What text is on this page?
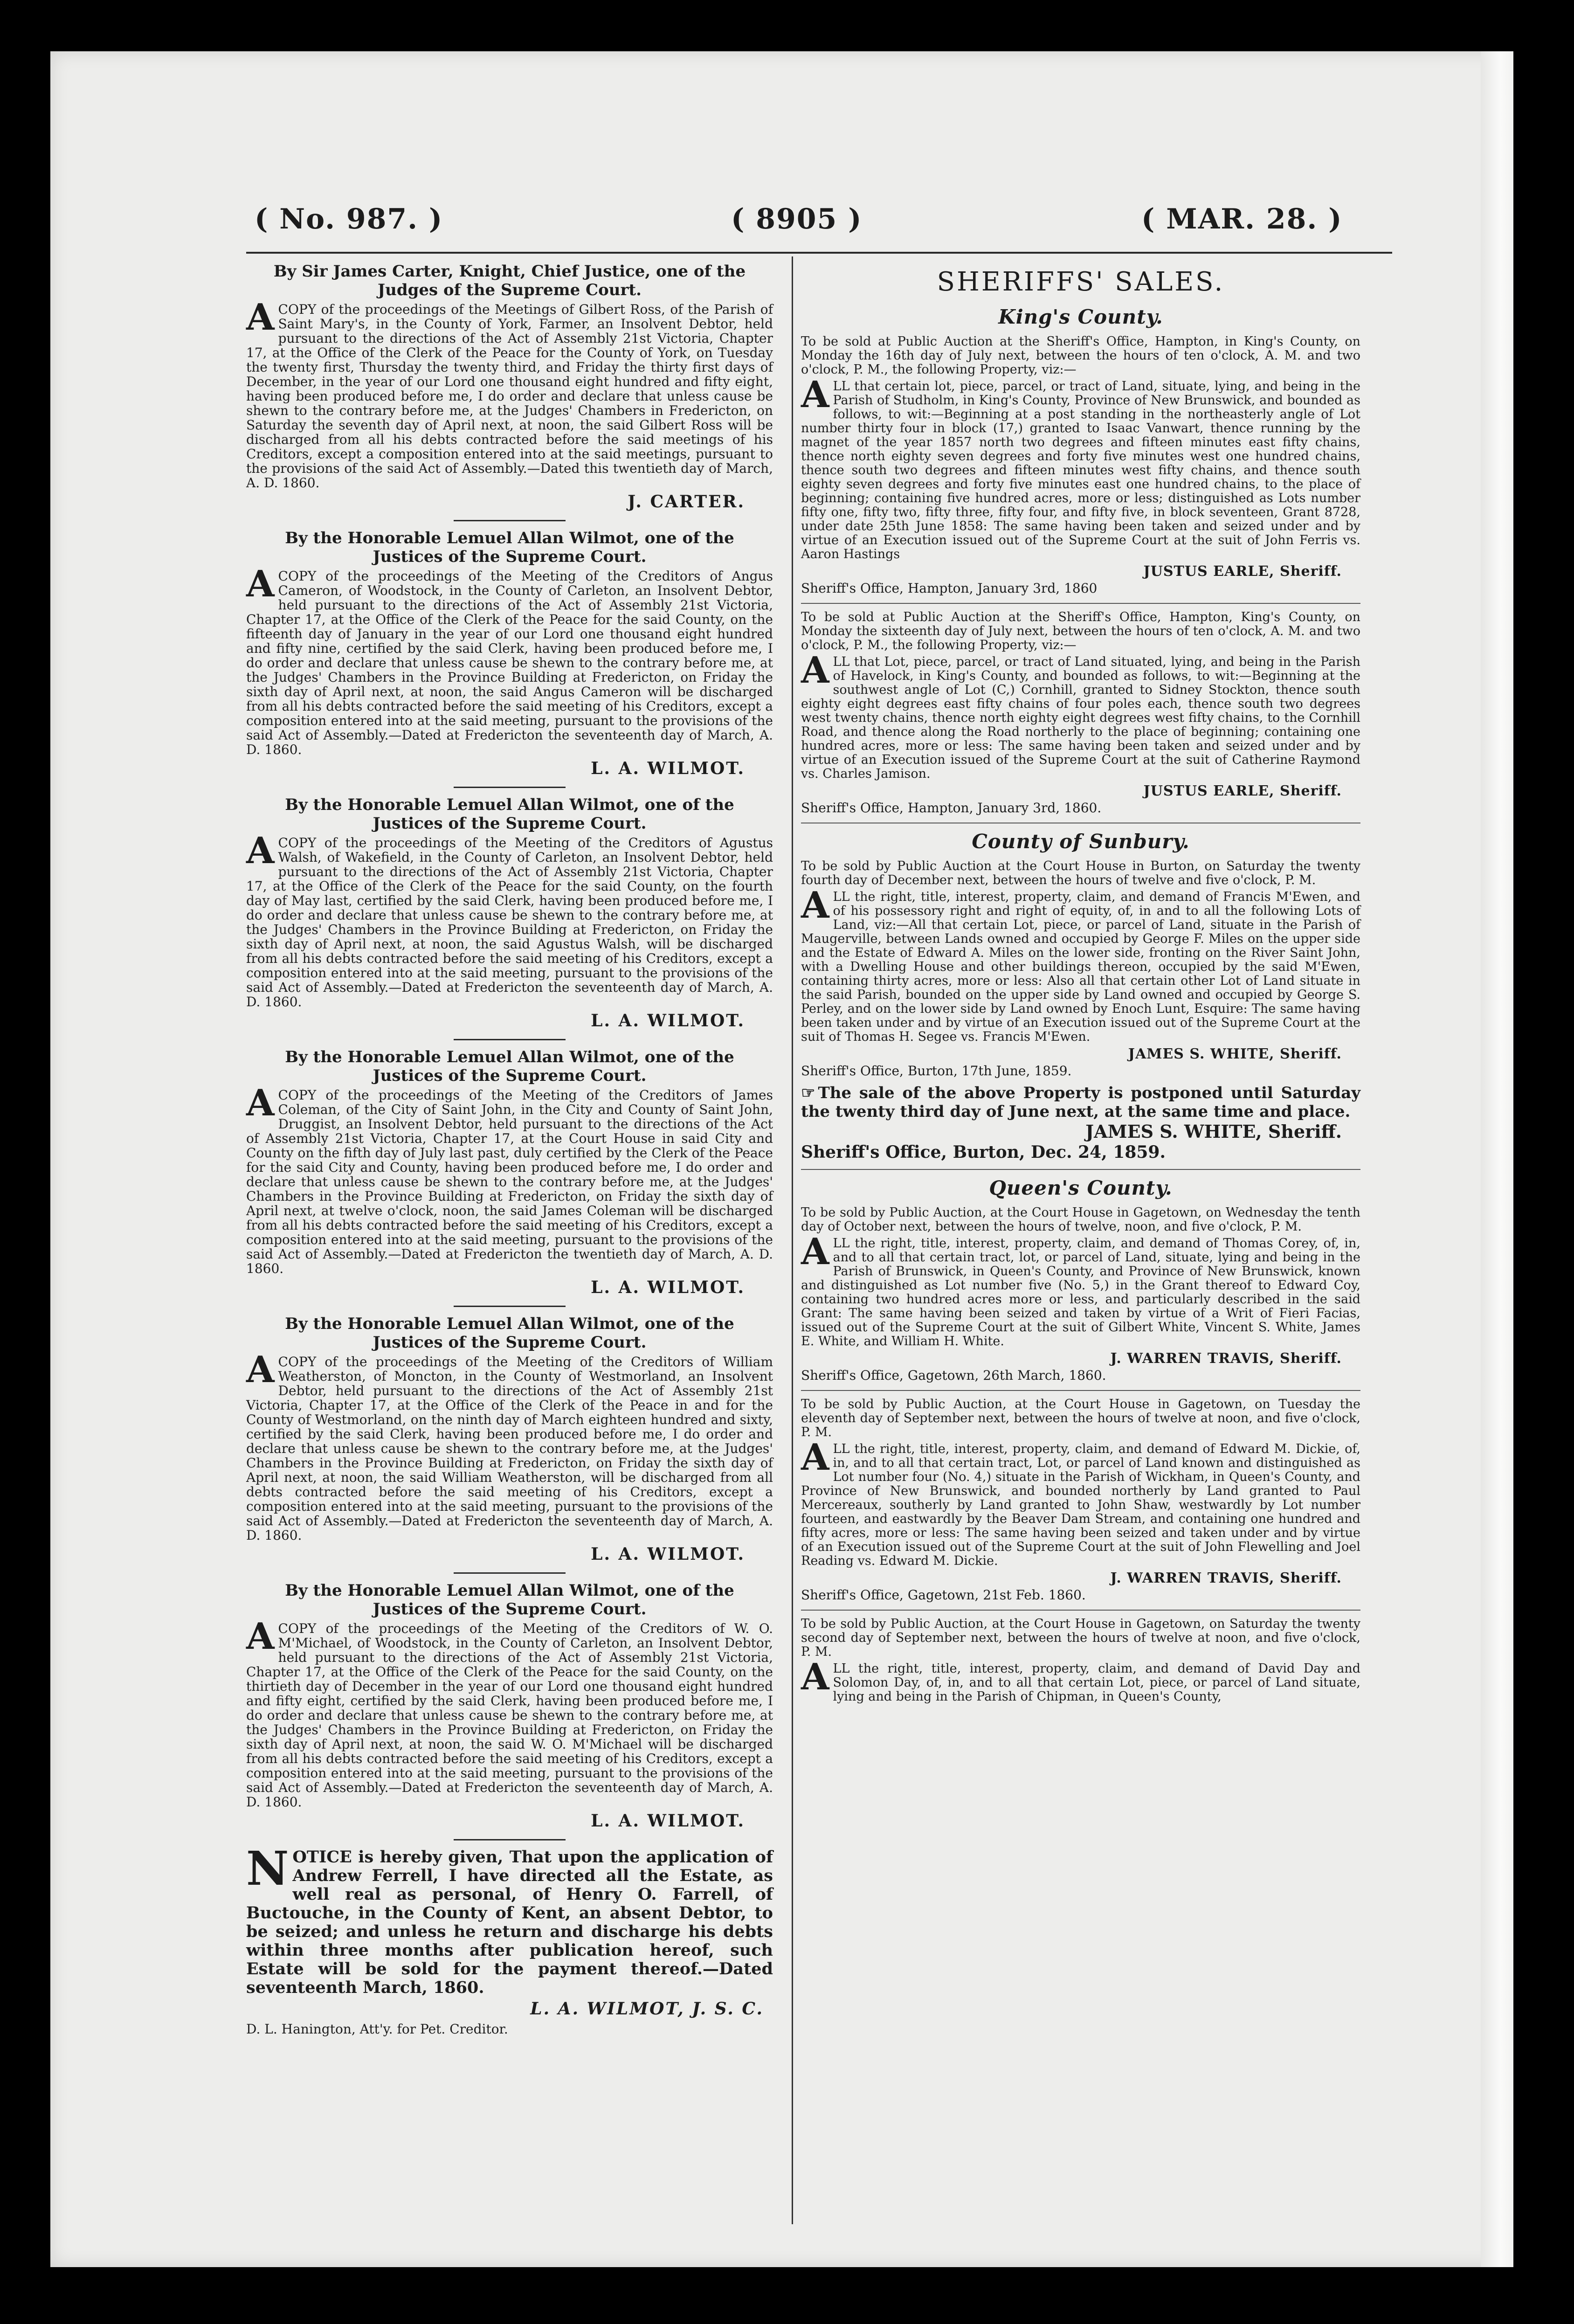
( No. 987. )	( 8905 )	( MAR. 28. )
By Sir James Carter, Knight, Chief Justice, one of the Judges of the Supreme Court.
ACOPY of the proceedings of the Meetings of Gilbert Ross, of the Parish of Saint Mary's, in the County of York, Farmer, an Insolvent Debtor, held pursuant to the directions of the Act of Assembly 21st Victoria, Chapter 17, at the Office of the Clerk of the Peace for the County of York, on Tuesday the twenty first, Thursday the twenty third, and Friday the thirty first days of December, in the year of our Lord one thousand eight hundred and fifty eight, having been produced before me, I do order and declare that unless cause be shewn to the contrary before me, at the Judges' Chambers in Fredericton, on Saturday the seventh day of April next, at noon, the said Gilbert Ross will be discharged from all his debts contracted before the said meetings of his Creditors, except a composition entered into at the said meetings, pursuant to the provisions of the said Act of Assembly.—Dated this twentieth day of March, A. D. 1860.
J. CARTER.
By the Honorable Lemuel Allan Wilmot, one of the Justices of the Supreme Court.
ACOPY of the proceedings of the Meeting of the Creditors of Angus Cameron, of Woodstock, in the County of Carleton, an Insolvent Debtor, held pursuant to the directions of the Act of Assembly 21st Victoria, Chapter 17, at the Office of the Clerk of the Peace for the said County, on the fifteenth day of January in the year of our Lord one thousand eight hundred and fifty nine, certified by the said Clerk, having been produced before me, I do order and declare that unless cause be shewn to the contrary before me, at the Judges' Chambers in the Province Building at Fredericton, on Friday the sixth day of April next, at noon, the said Angus Cameron will be discharged from all his debts contracted before the said meeting of his Creditors, except a composition entered into at the said meeting, pursuant to the provisions of the said Act of Assembly.—Dated at Fredericton the seventeenth day of March, A. D. 1860.
L. A. WILMOT.
By the Honorable Lemuel Allan Wilmot, one of the Justices of the Supreme Court.
ACOPY of the proceedings of the Meeting of the Creditors of Agustus Walsh, of Wakefield, in the County of Carleton, an Insolvent Debtor, held pursuant to the directions of the Act of Assembly 21st Victoria, Chapter 17, at the Office of the Clerk of the Peace for the said County, on the fourth day of May last, certified by the said Clerk, having been produced before me, I do order and declare that unless cause be shewn to the contrary before me, at the Judges' Chambers in the Province Building at Fredericton, on Friday the sixth day of April next, at noon, the said Agustus Walsh, will be discharged from all his debts contracted before the said meeting of his Creditors, except a composition entered into at the said meeting, pursuant to the provisions of the said Act of Assembly.—Dated at Fredericton the seventeenth day of March, A. D. 1860.
L. A. WILMOT.
By the Honorable Lemuel Allan Wilmot, one of the Justices of the Supreme Court.
ACOPY of the proceedings of the Meeting of the Creditors of James Coleman, of the City of Saint John, in the City and County of Saint John, Druggist, an Insolvent Debtor, held pursuant to the directions of the Act of Assembly 21st Victoria, Chapter 17, at the Court House in said City and County on the fifth day of July last past, duly certified by the Clerk of the Peace for the said City and County, having been produced before me, I do order and declare that unless cause be shewn to the contrary before me, at the Judges' Chambers in the Province Building at Fredericton, on Friday the sixth day of April next, at twelve o'clock, noon, the said James Coleman will be discharged from all his debts contracted before the said meeting of his Creditors, except a composition entered into at the said meeting, pursuant to the provisions of the said Act of Assembly.—Dated at Fredericton the twentieth day of March, A. D. 1860.
L. A. WILMOT.
By the Honorable Lemuel Allan Wilmot, one of the Justices of the Supreme Court.
ACOPY of the proceedings of the Meeting of the Creditors of William Weatherston, of Moncton, in the County of Westmorland, an Insolvent Debtor, held pursuant to the directions of the Act of Assembly 21st Victoria, Chapter 17, at the Office of the Clerk of the Peace in and for the County of Westmorland, on the ninth day of March eighteen hundred and sixty, certified by the said Clerk, having been produced before me, I do order and declare that unless cause be shewn to the contrary before me, at the Judges' Chambers in the Province Building at Fredericton, on Friday the sixth day of April next, at noon, the said William Weatherston, will be discharged from all debts contracted before the said meeting of his Creditors, except a composition entered into at the said meeting, pursuant to the provisions of the said Act of Assembly.—Dated at Fredericton the seventeenth day of March, A. D. 1860.
L. A. WILMOT.
By the Honorable Lemuel Allan Wilmot, one of the Justices of the Supreme Court.
ACOPY of the proceedings of the Meeting of the Creditors of W. O. M'Michael, of Woodstock, in the County of Carleton, an Insolvent Debtor, held pursuant to the directions of the Act of Assembly 21st Victoria, Chapter 17, at the Office of the Clerk of the Peace for the said County, on the thirtieth day of December in the year of our Lord one thousand eight hundred and fifty eight, certified by the said Clerk, having been produced before me, I do order and declare that unless cause be shewn to the contrary before me, at the Judges' Chambers in the Province Building at Fredericton, on Friday the sixth day of April next, at noon, the said W. O. M'Michael will be discharged from all his debts contracted before the said meeting of his Creditors, except a composition entered into at the said meeting, pursuant to the provisions of the said Act of Assembly.—Dated at Fredericton the seventeenth day of March, A. D. 1860.
L. A. WILMOT.
NOTICE is hereby given, That upon the application of Andrew Ferrell, I have directed all the Estate, as well real as personal, of Henry O. Farrell, of Buctouche, in the County of Kent, an absent Debtor, to be seized; and unless he return and discharge his debts within three months after publication hereof, such Estate will be sold for the payment thereof.—Dated seventeenth March, 1860.
L. A. WILMOT, J. S. C.
D. L. Hanington, Att'y. for Pet. Creditor.
SHERIFFS' SALES.
King's County.
To be sold at Public Auction at the Sheriff's Office, Hampton, in King's County, on Monday the 16th day of July next, between the hours of ten o'clock, A. M. and two o'clock, P. M., the following Property, viz:—
ALL that certain lot, piece, parcel, or tract of Land, situate, lying, and being in the Parish of Studholm, in King's County, Province of New Brunswick, and bounded as follows, to wit:—Beginning at a post standing in the northeasterly angle of Lot number thirty four in block (17,) granted to Isaac Vanwart, thence running by the magnet of the year 1857 north two degrees and fifteen minutes east fifty chains, thence north eighty seven degrees and forty five minutes west one hundred chains, thence south two degrees and fifteen minutes west fifty chains, and thence south eighty seven degrees and forty five minutes east one hundred chains, to the place of beginning; containing five hundred acres, more or less; distinguished as Lots number fifty one, fifty two, fifty three, fifty four, and fifty five, in block seventeen, Grant 8728, under date 25th June 1858: The same having been taken and seized under and by virtue of an Execution issued out of the Supreme Court at the suit of John Ferris vs. Aaron Hastings
JUSTUS EARLE, Sheriff.
Sheriff's Office, Hampton, January 3rd, 1860
To be sold at Public Auction at the Sheriff's Office, Hampton, King's County, on Monday the sixteenth day of July next, between the hours of ten o'clock, A. M. and two o'clock, P. M., the following Property, viz:—
ALL that Lot, piece, parcel, or tract of Land situated, lying, and being in the Parish of Havelock, in King's County, and bounded as follows, to wit:—Beginning at the southwest angle of Lot (C,) Cornhill, granted to Sidney Stockton, thence south eighty eight degrees east fifty chains of four poles each, thence south two degrees west twenty chains, thence north eighty eight degrees west fifty chains, to the Cornhill Road, and thence along the Road northerly to the place of beginning; containing one hundred acres, more or less: The same having been taken and seized under and by virtue of an Execution issued of the Supreme Court at the suit of Catherine Raymond vs. Charles Jamison.
JUSTUS EARLE, Sheriff.
Sheriff's Office, Hampton, January 3rd, 1860.
County of Sunbury.
To be sold by Public Auction at the Court House in Burton, on Saturday the twenty fourth day of December next, between the hours of twelve and five o'clock, P. M.
ALL the right, title, interest, property, claim, and demand of Francis M'Ewen, and of his possessory right and right of equity, of, in and to all the following Lots of Land, viz:—All that certain Lot, piece, or parcel of Land, situate in the Parish of Maugerville, between Lands owned and occupied by George F. Miles on the upper side and the Estate of Edward A. Miles on the lower side, fronting on the River Saint John, with a Dwelling House and other buildings thereon, occupied by the said M'Ewen, containing thirty acres, more or less: Also all that certain other Lot of Land situate in the said Parish, bounded on the upper side by Land owned and occupied by George S. Perley, and on the lower side by Land owned by Enoch Lunt, Esquire: The same having been taken under and by virtue of an Execution issued out of the Supreme Court at the suit of Thomas H. Segee vs. Francis M'Ewen.
JAMES S. WHITE, Sheriff.
Sheriff's Office, Burton, 17th June, 1859.
☞ The sale of the above Property is postponed until Saturday the twenty third day of June next, at the same time and place.
JAMES S. WHITE, Sheriff.
Sheriff's Office, Burton, Dec. 24, 1859.
Queen's County.
To be sold by Public Auction, at the Court House in Gagetown, on Wednesday the tenth day of October next, between the hours of twelve, noon, and five o'clock, P. M.
ALL the right, title, interest, property, claim, and demand of Thomas Corey, of, in, and to all that certain tract, lot, or parcel of Land, situate, lying and being in the Parish of Brunswick, in Queen's County, and Province of New Brunswick, known and distinguished as Lot number five (No. 5,) in the Grant thereof to Edward Coy, containing two hundred acres more or less, and particularly described in the said Grant: The same having been seized and taken by virtue of a Writ of Fieri Facias, issued out of the Supreme Court at the suit of Gilbert White, Vincent S. White, James E. White, and William H. White.
J. WARREN TRAVIS, Sheriff.
Sheriff's Office, Gagetown, 26th March, 1860.
To be sold by Public Auction, at the Court House in Gagetown, on Tuesday the eleventh day of September next, between the hours of twelve at noon, and five o'clock, P. M.
ALL the right, title, interest, property, claim, and demand of Edward M. Dickie, of, in, and to all that certain tract, Lot, or parcel of Land known and distinguished as Lot number four (No. 4,) situate in the Parish of Wickham, in Queen's County, and Province of New Brunswick, and bounded northerly by Land granted to Paul Mercereaux, southerly by Land granted to John Shaw, westwardly by Lot number fourteen, and eastwardly by the Beaver Dam Stream, and containing one hundred and fifty acres, more or less: The same having been seized and taken under and by virtue of an Execution issued out of the Supreme Court at the suit of John Flewelling and Joel Reading vs. Edward M. Dickie.
J. WARREN TRAVIS, Sheriff.
Sheriff's Office, Gagetown, 21st Feb. 1860.
To be sold by Public Auction, at the Court House in Gagetown, on Saturday the twenty second day of September next, between the hours of twelve at noon, and five o'clock, P. M.
ALL the right, title, interest, property, claim, and demand of David Day and Solomon Day, of, in, and to all that certain Lot, piece, or parcel of Land situate, lying and being in the Parish of Chipman, in Queen's County,
